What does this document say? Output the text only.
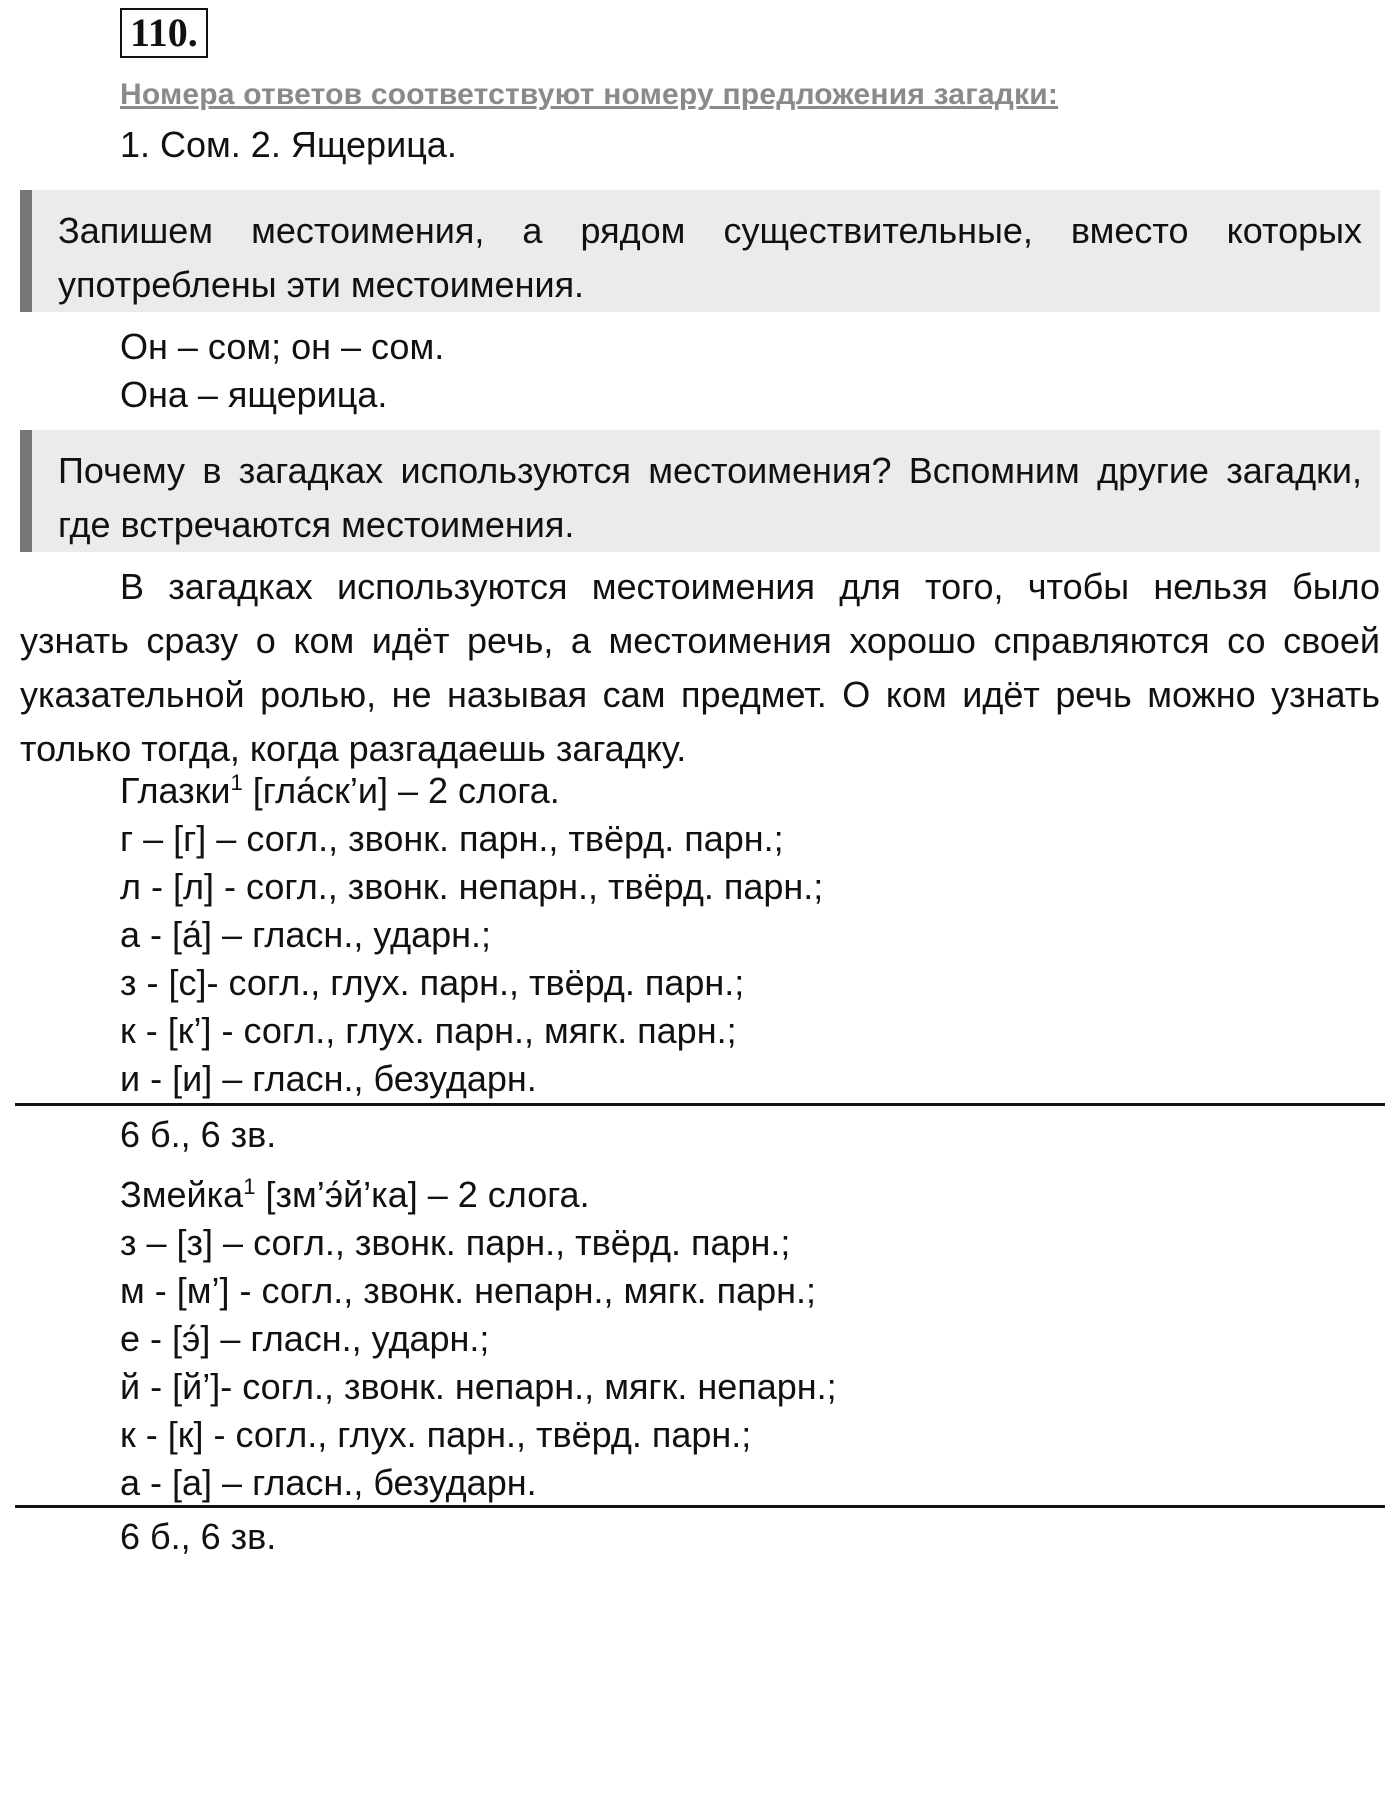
110.
Номера ответов соответствуют номеру предложения загадки:
1. Сом. 2. Ящерица.
Запишем местоимения, а рядом существительные, вместо которых употреблены эти местоимения.
Он – сом; он – сом.
Она – ящерица.
Почему в загадках используются местоимения? Вспомним другие загадки, где встречаются местоимения.
В загадках используются местоимения для того, чтобы нельзя было узнать сразу о ком идёт речь, а местоимения хорошо справляются со своей указательной ролью, не называя сам предмет. О ком идёт речь можно узнать только тогда, когда разгадаешь загадку.
Глазки$^1$ [гла́ск’и] – 2 слога.
г – [г] – согл., звонк. парн., твёрд. парн.;
л - [л] - согл., звонк. непарн., твёрд. парн.;
а - [а́] – гласн., ударн.;
з - [с]- согл., глух. парн., твёрд. парн.;
к - [к’] - согл., глух. парн., мягк. парн.;
и - [и] – гласн., безударн.
6 б., 6 зв.
Змейка$^1$ [зм’э́й’ка] – 2 слога.
з – [з] – согл., звонк. парн., твёрд. парн.;
м - [м’] - согл., звонк. непарн., мягк. парн.;
е - [э́] – гласн., ударн.;
й - [й’]- согл., звонк. непарн., мягк. непарн.;
к - [к] - согл., глух. парн., твёрд. парн.;
а - [а] – гласн., безударн.
6 б., 6 зв.
